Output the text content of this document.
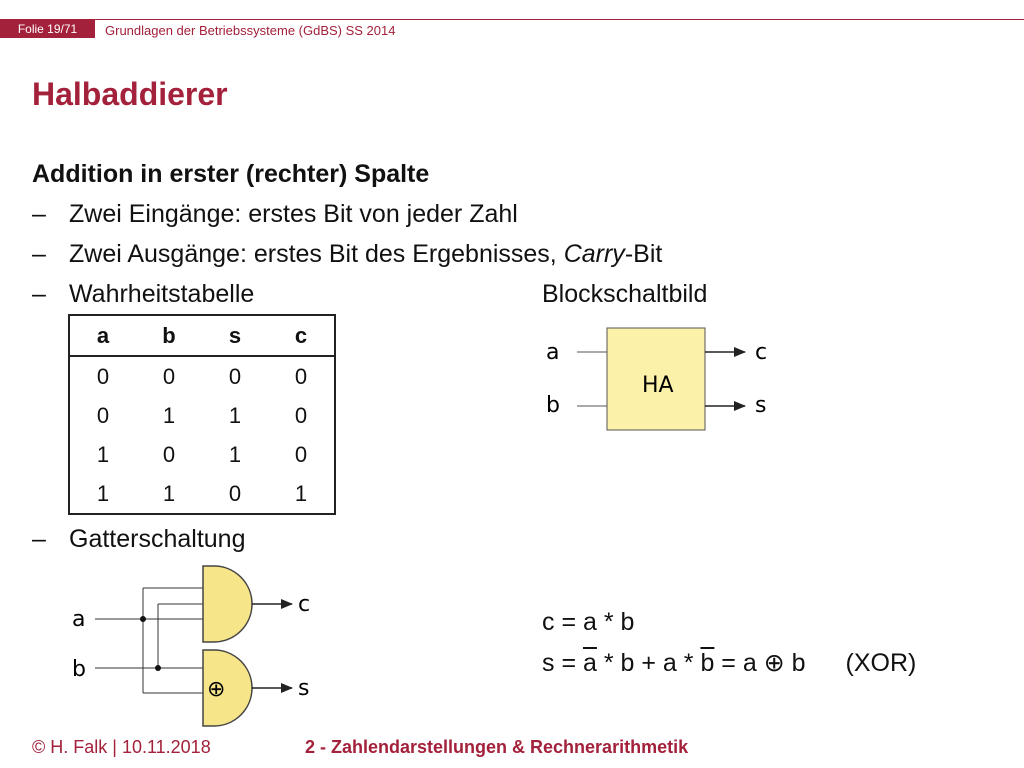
Folie 19/71	Grundlagen der Betriebssysteme (GdBS) SS 2014
Halbaddierer
Addition in erster (rechter) Spalte
– Zwei Eingänge: erstes Bit von jeder Zahl
– Zwei Ausgänge: erstes Bit des Ergebnisses, Carry-Bit
– Wahrheitstabelle	Blockschaltbild
a	b	s	c
0	0	0	0
0	1	1	0
1	0	1	0
1	1	0	1
HA
a
b
c
s
– Gatterschaltung
⊕
a
b
c
s
c = a * b
$s = \overline{a} * b + a * \overline{b} = a$ ⊕ b (XOR)
© H. Falk | 10.11.2018	2 - Zahlendarstellungen & Rechnerarithmetik
